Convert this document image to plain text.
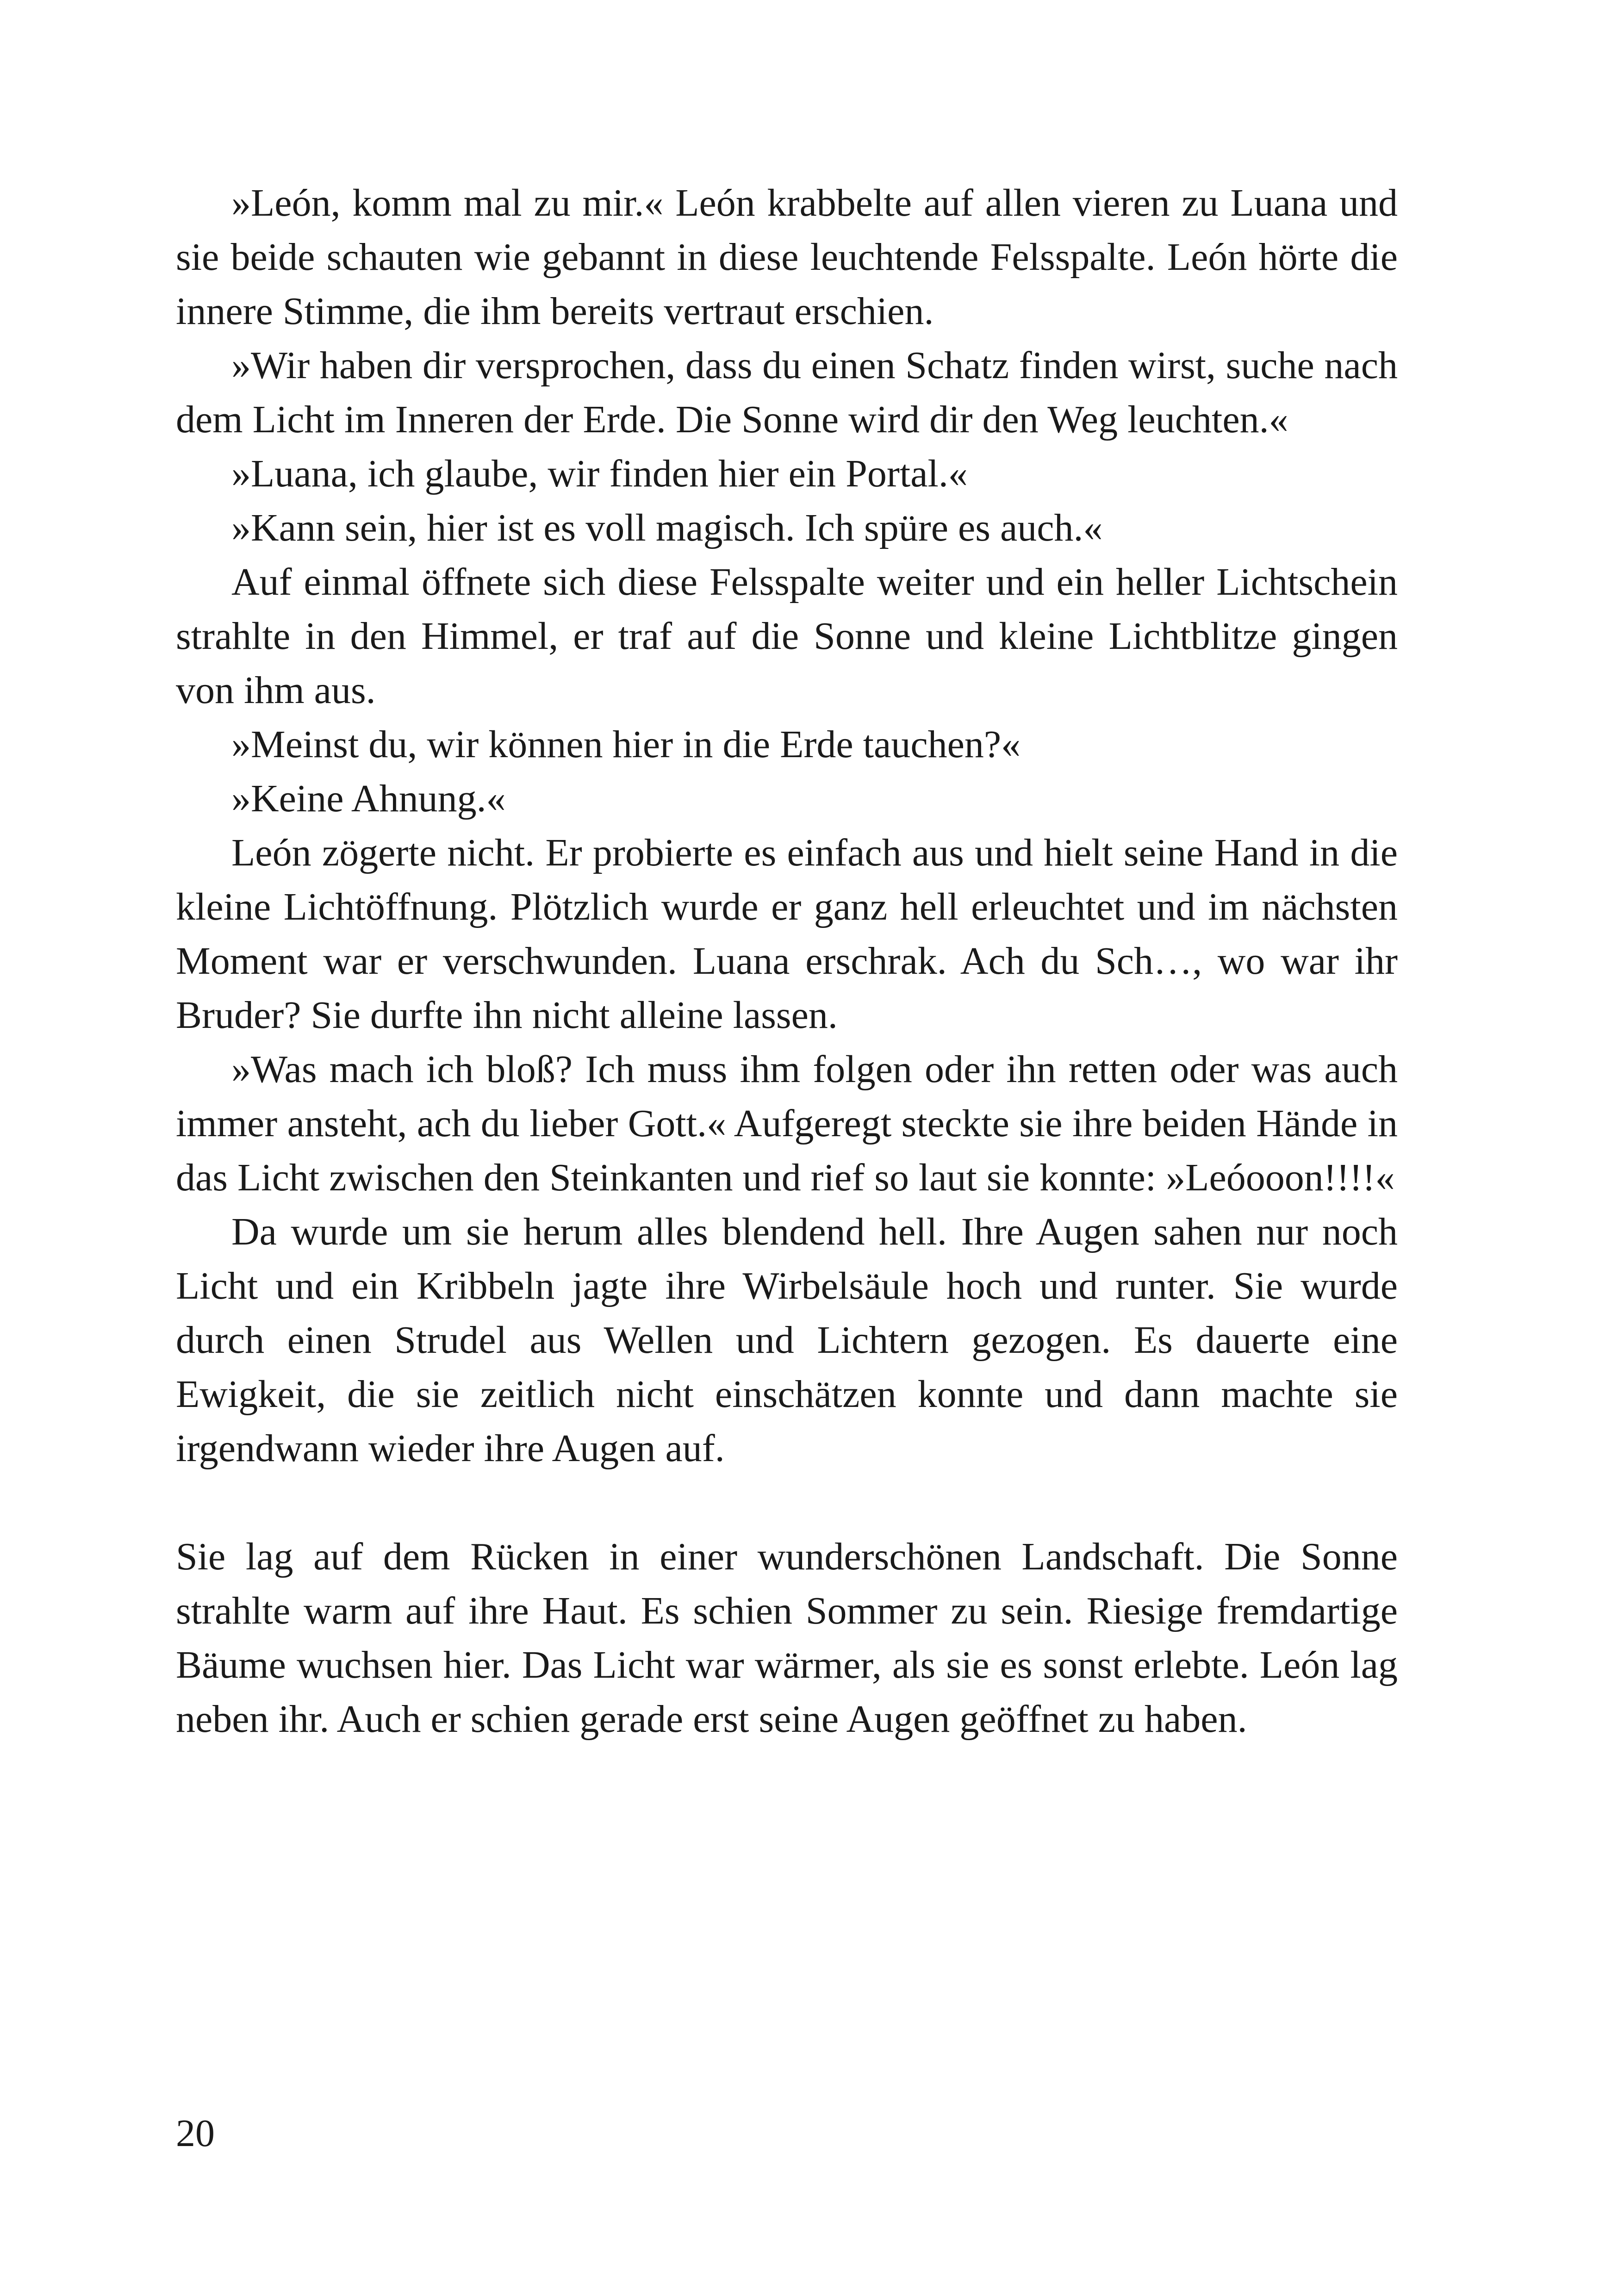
»León, komm mal zu mir.« León krabbelte auf allen vieren zu Luana und sie beide schauten wie gebannt in diese leuchtende Felsspalte. León hörte die innere Stimme, die ihm bereits vertraut erschien.

»Wir haben dir versprochen, dass du einen Schatz finden wirst, suche nach dem Licht im Inneren der Erde. Die Sonne wird dir den Weg leuchten.«

»Luana, ich glaube, wir finden hier ein Portal.«

»Kann sein, hier ist es voll magisch. Ich spüre es auch.«

Auf einmal öffnete sich diese Felsspalte weiter und ein heller Lichtschein strahlte in den Himmel, er traf auf die Sonne und kleine Lichtblitze gingen von ihm aus.

»Meinst du, wir können hier in die Erde tauchen?«

»Keine Ahnung.«

León zögerte nicht. Er probierte es einfach aus und hielt seine Hand in die kleine Lichtöffnung. Plötzlich wurde er ganz hell erleuchtet und im nächsten Moment war er verschwunden. Luana erschrak. Ach du Sch…, wo war ihr Bruder? Sie durfte ihn nicht alleine lassen.

»Was mach ich bloß? Ich muss ihm folgen oder ihn retten oder was auch immer ansteht, ach du lieber Gott.« Aufgeregt steckte sie ihre beiden Hände in das Licht zwischen den Steinkanten und rief so laut sie konnte: »Leóooon!!!!«

Da wurde um sie herum alles blendend hell. Ihre Augen sahen nur noch Licht und ein Kribbeln jagte ihre Wirbelsäule hoch und runter. Sie wurde durch einen Strudel aus Wellen und Lichtern gezogen. Es dauerte eine Ewigkeit, die sie zeitlich nicht einschätzen konnte und dann machte sie irgendwann wieder ihre Augen auf.

Sie lag auf dem Rücken in einer wunderschönen Landschaft. Die Sonne strahlte warm auf ihre Haut. Es schien Sommer zu sein. Riesige fremdartige Bäume wuchsen hier. Das Licht war wärmer, als sie es sonst erlebte. León lag neben ihr. Auch er schien gerade erst seine Augen geöffnet zu haben.

20
